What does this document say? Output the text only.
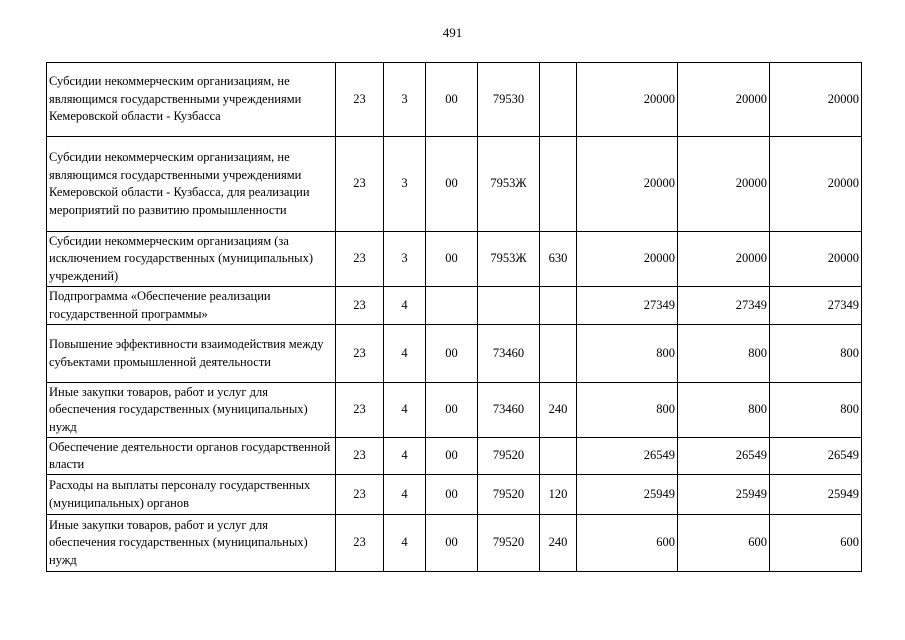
491
Субсидии некоммерческим организациям, не являющимся государственными учреждениями Кемеровской области - Кузбасса	23	3	00	79530		20000	20000	20000
Субсидии некоммерческим организациям, не являющимся государственными учреждениями Кемеровской области - Кузбасса, для реализации мероприятий по развитию промышленности	23	3	00	7953Ж		20000	20000	20000
Субсидии некоммерческим организациям (за исключением государственных (муниципальных) учреждений)	23	3	00	7953Ж	630	20000	20000	20000
Подпрограмма «Обеспечение реализации государственной программы»	23	4				27349	27349	27349
Повышение эффективности взаимодействия между субъектами промышленной деятельности	23	4	00	73460		800	800	800
Иные закупки товаров, работ и услуг для обеспечения государственных (муниципальных) нужд	23	4	00	73460	240	800	800	800
Обеспечение деятельности органов государственной власти	23	4	00	79520		26549	26549	26549
Расходы на выплаты персоналу государственных (муниципальных) органов	23	4	00	79520	120	25949	25949	25949
Иные закупки товаров, работ и услуг для обеспечения государственных (муниципальных) нужд	23	4	00	79520	240	600	600	600
